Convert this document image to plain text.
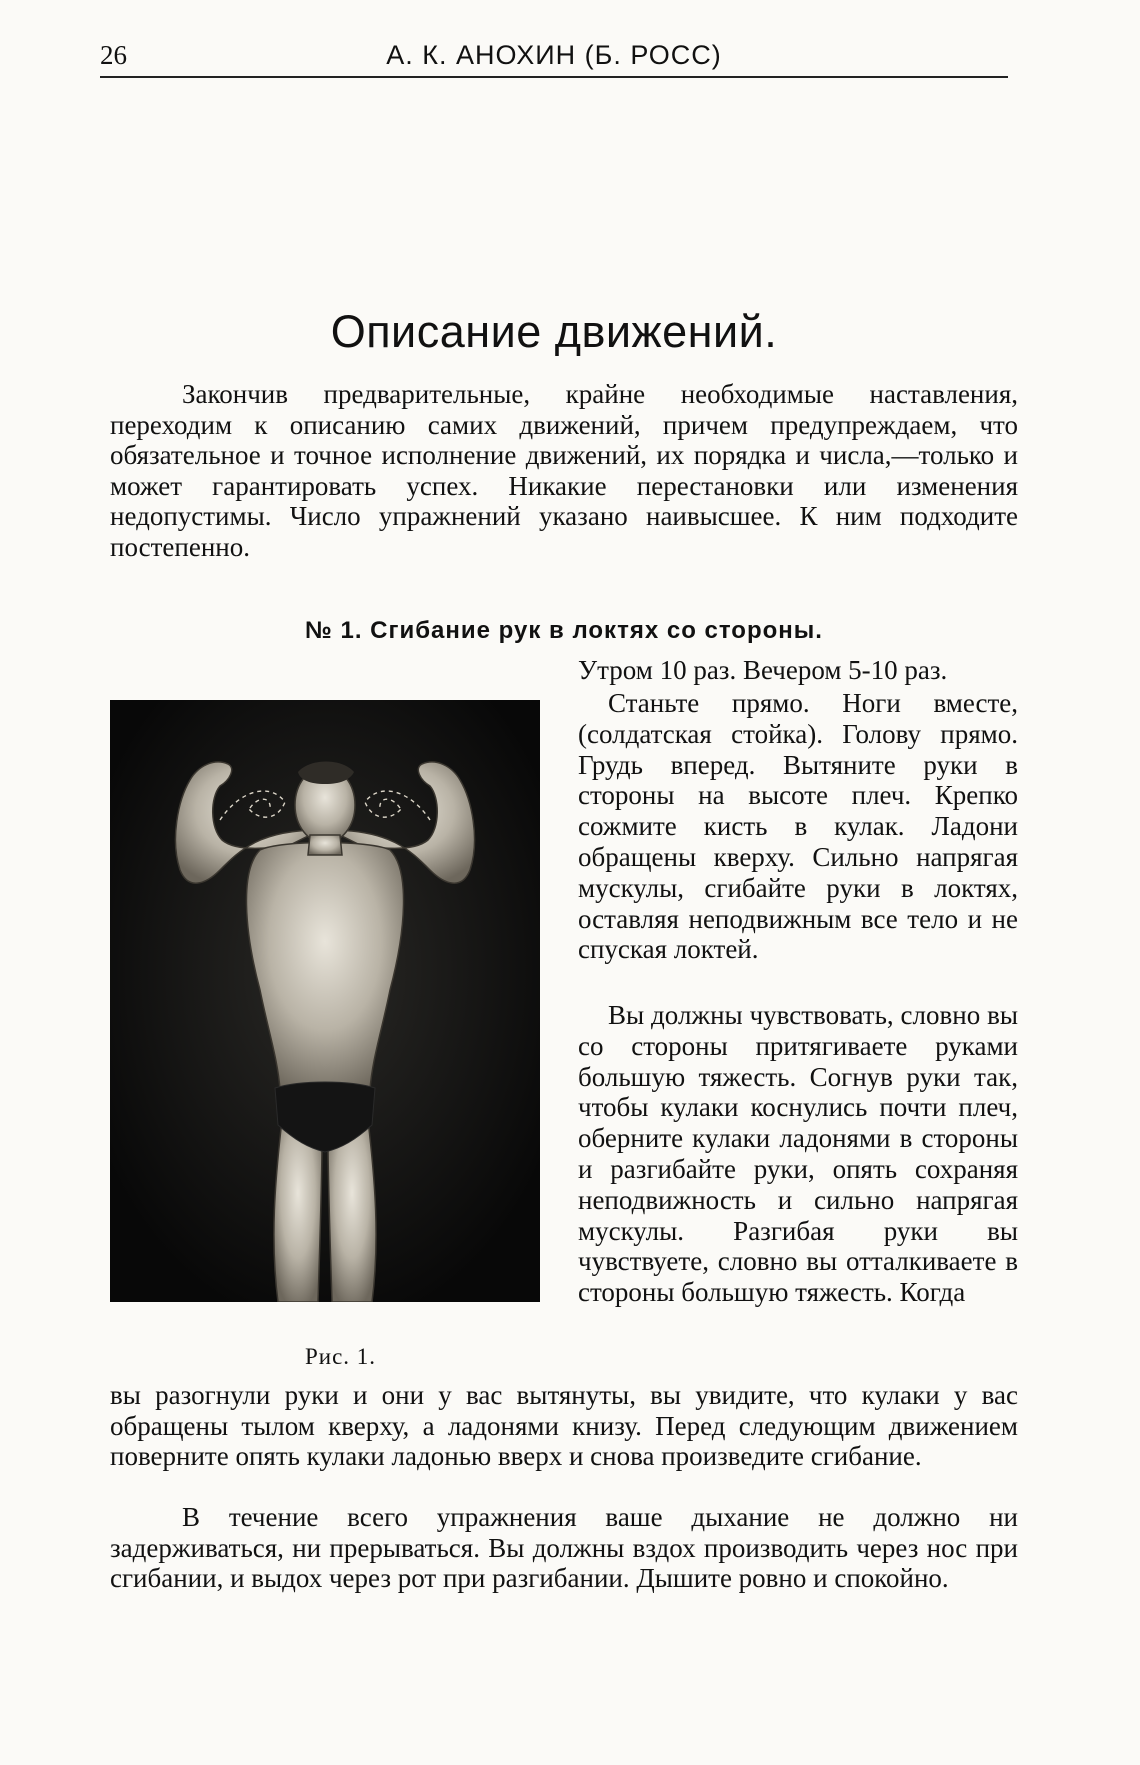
26	А. К. АНОХИН (Б. РОСС)
Описание движений.

Закончив предварительные, крайне необходимые наставления, переходим к описанию самих движений, причем предупреждаем, что обязательное и точное исполнение движений, их порядка и числа,—только и может гарантировать успех. Никакие перестановки или изменения недопустимы. Число упражнений указано наивысшее. К ним подходите постепенно.

№ 1. Сгибание рук в локтях со стороны.
Утром 10 раз. Вечером 5-10 раз.

Станьте прямо. Ноги вместе, (солдатская стойка). Голову прямо. Грудь вперед. Вытяните руки в стороны на высоте плеч. Крепко сожмите кисть в кулак. Ладони обращены кверху. Сильно напрягая мускулы, сгибайте руки в локтях, оставляя неподвижным все тело и не спуская локтей.

Вы должны чувствовать, словно вы со стороны притягиваете руками большую тяжесть. Согнув руки так, чтобы кулаки коснулись почти плеч, оберните кулаки ладонями в стороны и разгибайте руки, опять сохраняя неподвижность и сильно напрягая мускулы. Разгибая руки вы чувствуете, словно вы отталкиваете в стороны большую тяжесть. Когда

Рис. 1.

вы разогнули руки и они у вас вытянуты, вы увидите, что кулаки у вас обращены тылом кверху, а ладонями книзу. Перед следующим движением поверните опять кулаки ладонью вверх и снова произведите сгибание.

В течение всего упражнения ваше дыхание не должно ни задерживаться, ни прерываться. Вы должны вздох производить через нос при сгибании, и выдох через рот при разгибании. Дышите ровно и спокойно.
